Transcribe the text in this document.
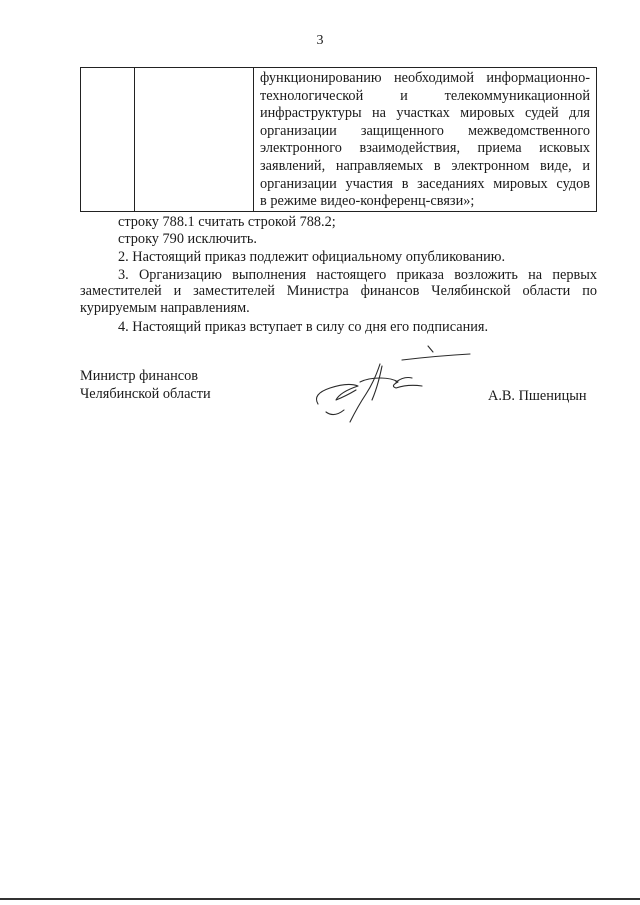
3

функционированию необходимой информационно-
технологической и телекоммуникационной
инфраструктуры на участках мировых судей для
организации защищенного межведомственного
электронного взаимодействия, приема исковых
заявлений, направляемых в электронном виде, и
организации участия в заседаниях мировых судов
в режиме видео-конференц-связи»;
строку 788.1 считать строкой 788.2;
строку 790 исключить.
2. Настоящий приказ подлежит официальному опубликованию.
3. Организацию выполнения настоящего приказа возложить на первых заместителей и заместителей Министра финансов Челябинской области по курируемым направлениям.
4. Настоящий приказ вступает в силу со дня его подписания.
Министр финансов
Челябинской области	А.В. Пшеницын
